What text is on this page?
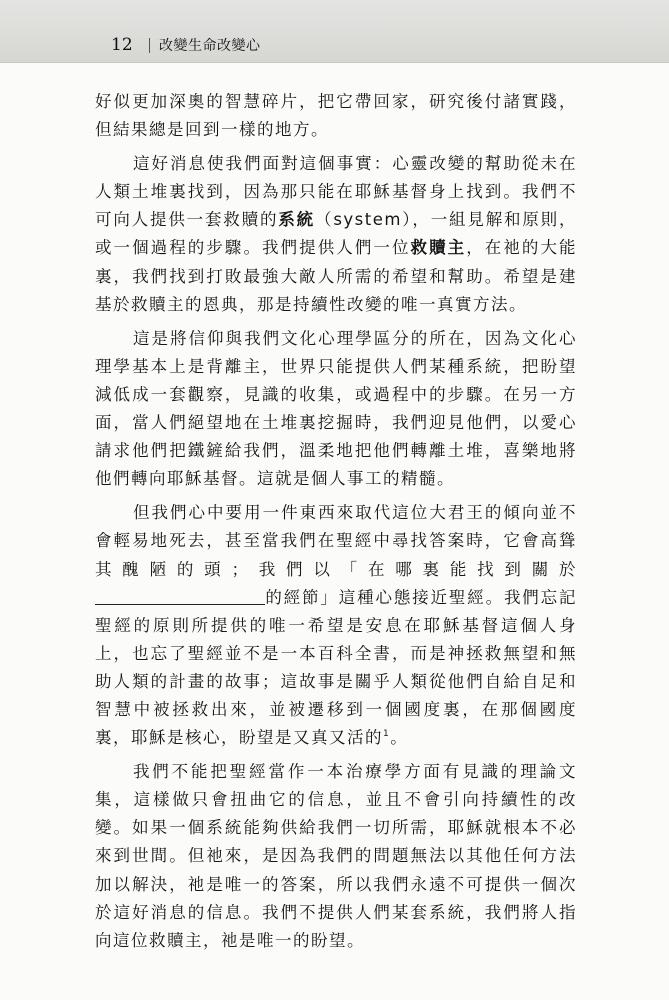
12 改變生命改變心

好似更加深奧的智慧碎片，把它帶回家，研究後付諸實踐，但結果總是回到一樣的地方。

這好消息使我們面對這個事實：心靈改變的幫助從未在人類土堆裏找到，因為那只能在耶穌基督身上找到。我們不可向人提供一套救贖的系統（system），一組見解和原則，或一個過程的步驟。我們提供人們一位救贖主，在祂的大能裏，我們找到打敗最強大敵人所需的希望和幫助。希望是建基於救贖主的恩典，那是持續性改變的唯一真實方法。

這是將信仰與我們文化心理學區分的所在，因為文化心理學基本上是背離主，世界只能提供人們某種系統，把盼望減低成一套觀察，見識的收集，或過程中的步驟。在另一方面，當人們絕望地在土堆裏挖掘時，我們迎見他們，以愛心請求他們把鐵鏟給我們，溫柔地把他們轉離土堆，喜樂地將他們轉向耶穌基督。這就是個人事工的精髓。

但我們心中要用一件東西來取代這位大君王的傾向並不會輕易地死去，甚至當我們在聖經中尋找答案時，它會高聳其醜陋的頭；我們以「在哪裏能找到關於的經節」這種心態接近聖經。我們忘記聖經的原則所提供的唯一希望是安息在耶穌基督這個人身上，也忘了聖經並不是一本百科全書，而是神拯救無望和無助人類的計畫的故事；這故事是關乎人類從他們自給自足和智慧中被拯救出來，並被遷移到一個國度裏，在那個國度裏，耶穌是核心，盼望是又真又活的$^1$。

我們不能把聖經當作一本治療學方面有見識的理論文集，這樣做只會扭曲它的信息，並且不會引向持續性的改變。如果一個系統能夠供給我們一切所需，耶穌就根本不必來到世間。但祂來，是因為我們的問題無法以其他任何方法加以解決，祂是唯一的答案，所以我們永遠不可提供一個次於這好消息的信息。我們不提供人們某套系統，我們將人指向這位救贖主，祂是唯一的盼望。
